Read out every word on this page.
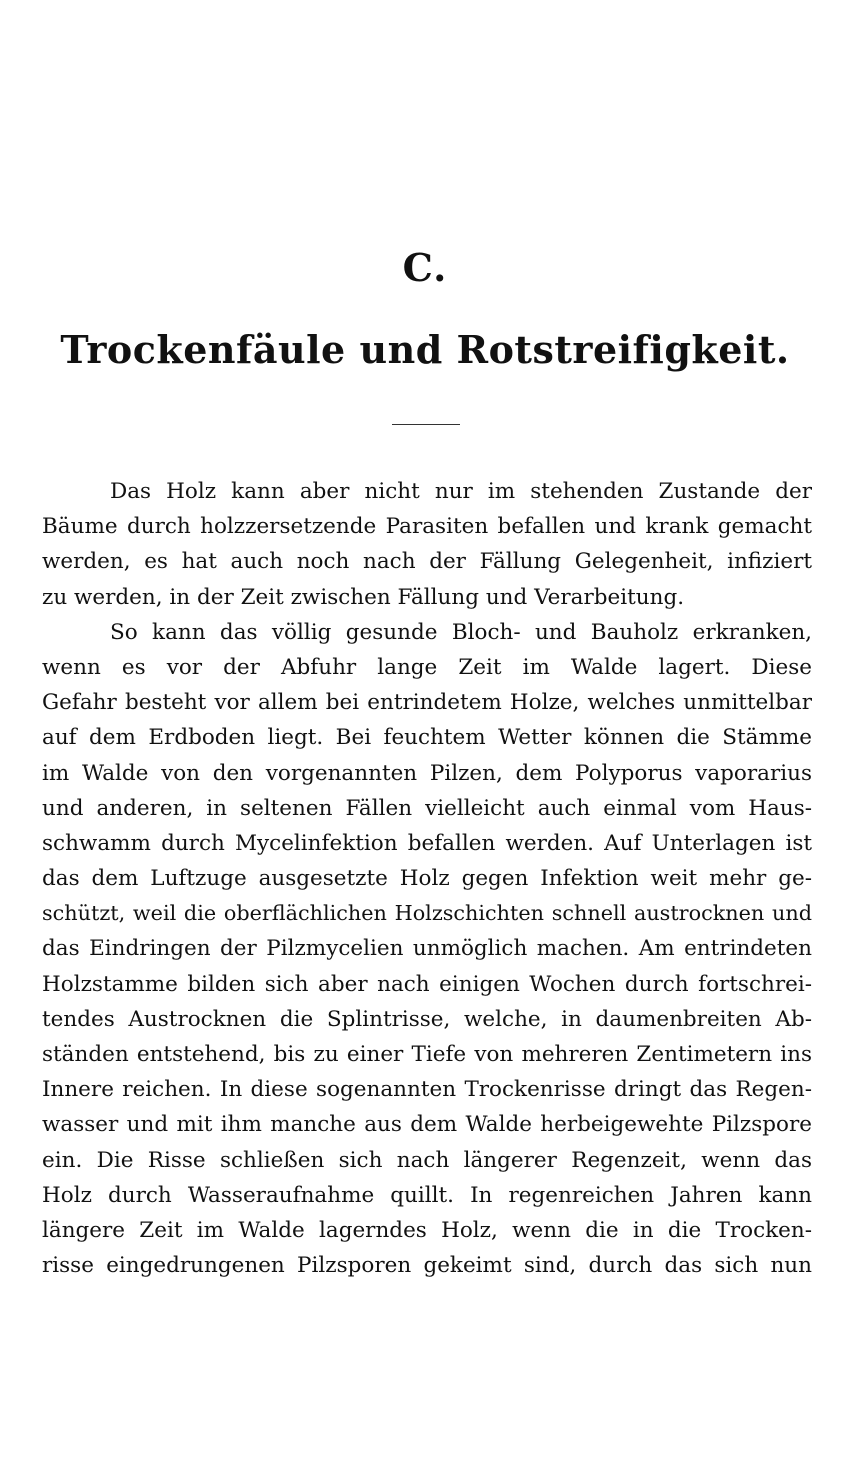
C.
Trockenfäule und Rotstreifigkeit.
Das Holz kann aber nicht nur im stehenden Zustande der
Bäume durch holzzersetzende Parasiten befallen und krank gemacht
werden, es hat auch noch nach der Fällung Gelegenheit, infiziert
zu werden, in der Zeit zwischen Fällung und Verarbeitung.
So kann das völlig gesunde Bloch- und Bauholz erkranken,
wenn es vor der Abfuhr lange Zeit im Walde lagert. Diese
Gefahr besteht vor allem bei entrindetem Holze, welches unmittelbar
auf dem Erdboden liegt. Bei feuchtem Wetter können die Stämme
im Walde von den vorgenannten Pilzen, dem Polyporus vaporarius
und anderen, in seltenen Fällen vielleicht auch einmal vom Haus-
schwamm durch Mycelinfektion befallen werden. Auf Unterlagen ist
das dem Luftzuge ausgesetzte Holz gegen Infektion weit mehr ge-
schützt, weil die oberflächlichen Holzschichten schnell austrocknen und
das Eindringen der Pilzmycelien unmöglich machen. Am entrindeten
Holzstamme bilden sich aber nach einigen Wochen durch fortschrei-
tendes Austrocknen die Splintrisse, welche, in daumenbreiten Ab-
ständen entstehend, bis zu einer Tiefe von mehreren Zentimetern ins
Innere reichen. In diese sogenannten Trockenrisse dringt das Regen-
wasser und mit ihm manche aus dem Walde herbeigewehte Pilzspore
ein. Die Risse schließen sich nach längerer Regenzeit, wenn das
Holz durch Wasseraufnahme quillt. In regenreichen Jahren kann
längere Zeit im Walde lagerndes Holz, wenn die in die Trocken-
risse eingedrungenen Pilzsporen gekeimt sind, durch das sich nun
